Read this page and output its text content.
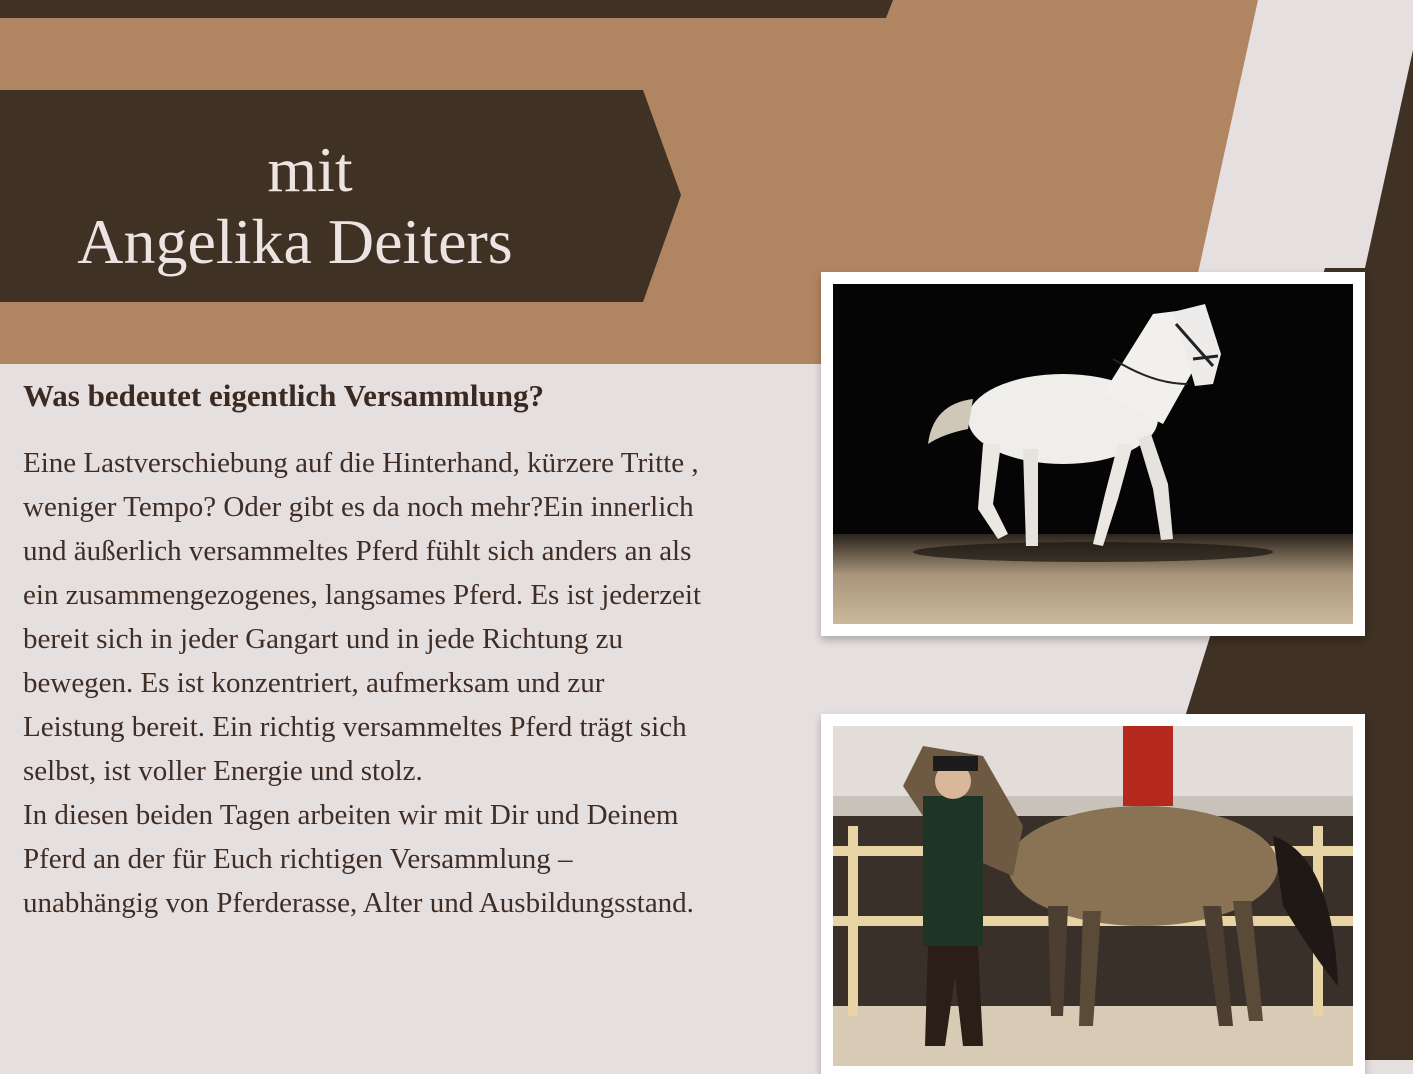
mit
Angelika Deiters
Was bedeutet eigentlich Versammlung?

Eine Lastverschiebung auf die Hinterhand, kürzere Tritte , weniger Tempo? Oder gibt es da noch mehr?Ein innerlich und äußerlich versammeltes Pferd fühlt sich anders an als ein zusammengezogenes, langsames Pferd. Es ist jederzeit bereit sich in jeder Gangart und in jede Richtung zu bewegen. Es ist konzentriert, aufmerksam und zur Leistung bereit. Ein richtig versammeltes Pferd trägt sich selbst, ist voller Energie und stolz.

In diesen beiden Tagen arbeiten wir mit Dir und Deinem Pferd an der für Euch richtigen Versammlung – unabhängig von Pferderasse, Alter und Ausbildungsstand.
